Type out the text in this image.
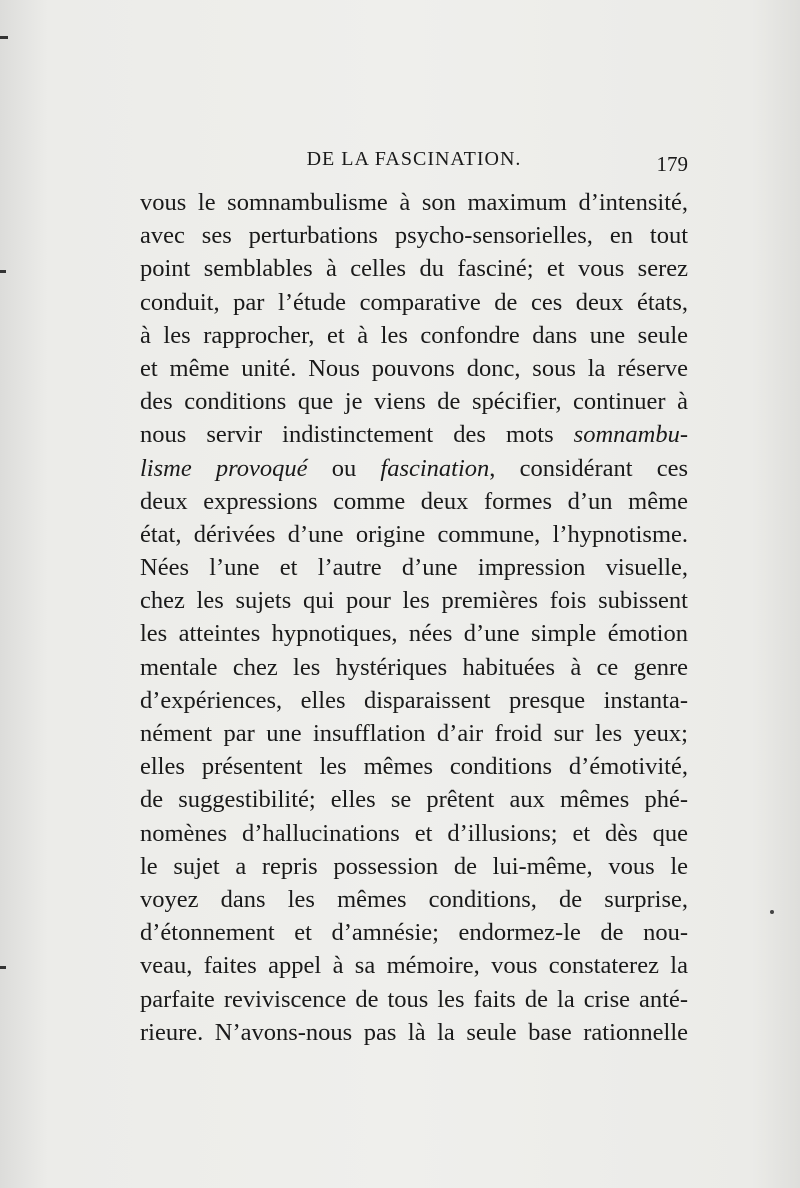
DE LA FASCINATION.	179
vous le somnambulisme à son maximum d’intensité,
avec ses perturbations psycho-sensorielles, en tout
point semblables à celles du fasciné; et vous serez
conduit, par l’étude comparative de ces deux états,
à les rapprocher, et à les confondre dans une seule
et même unité. Nous pouvons donc, sous la réserve
des conditions que je viens de spécifier, continuer à
nous servir indistinctement des mots somnambu-
lisme provoqué ou fascination, considérant ces
deux expressions comme deux formes d’un même
état, dérivées d’une origine commune, l’hypnotisme.
Nées l’une et l’autre d’une impression visuelle,
chez les sujets qui pour les premières fois subissent
les atteintes hypnotiques, nées d’une simple émotion
mentale chez les hystériques habituées à ce genre
d’expériences, elles disparaissent presque instanta-
nément par une insufflation d’air froid sur les yeux;
elles présentent les mêmes conditions d’émotivité,
de suggestibilité; elles se prêtent aux mêmes phé-
nomènes d’hallucinations et d’illusions; et dès que
le sujet a repris possession de lui-même, vous le
voyez dans les mêmes conditions, de surprise,
d’étonnement et d’amnésie; endormez-le de nou-
veau, faites appel à sa mémoire, vous constaterez la
parfaite reviviscence de tous les faits de la crise anté-
rieure. N’avons-nous pas là la seule base rationnelle
